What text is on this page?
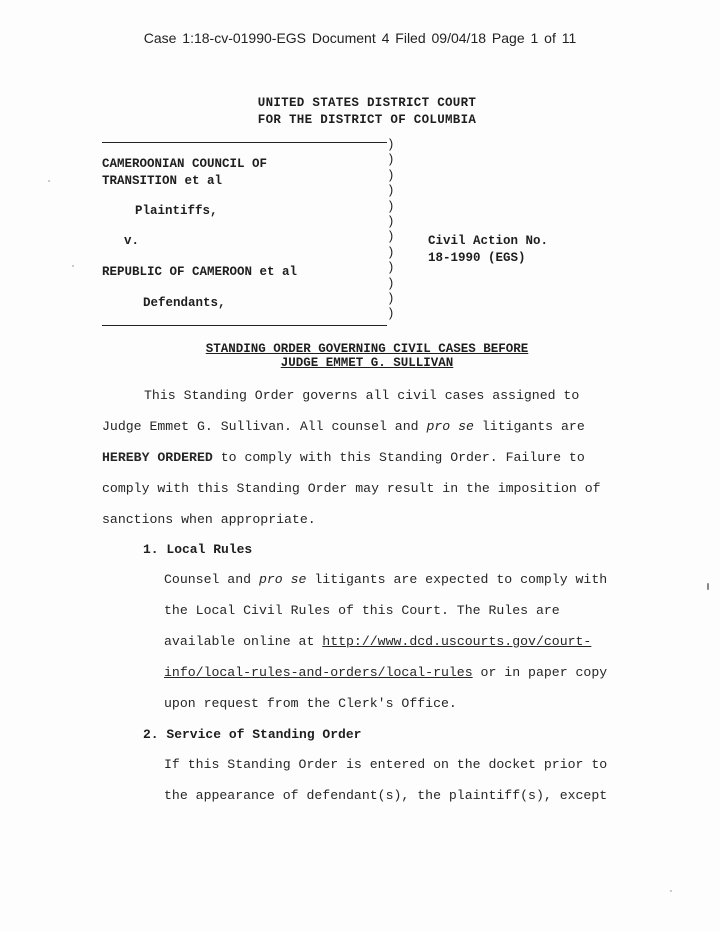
Case 1:18-cv-01990-EGS Document 4 Filed 09/04/18 Page 1 of 11
UNITED STATES DISTRICT COURT
FOR THE DISTRICT OF COLUMBIA
CAMEROONIAN COUNCIL OF
TRANSITION et al
Plaintiffs,
v.
REPUBLIC OF CAMEROON et al
Defendants,
)
)
)
)
)
)
)
)
)
)
)
)
Civil Action No.
18-1990 (EGS)
STANDING ORDER GOVERNING CIVIL CASES BEFORE
JUDGE EMMET G. SULLIVAN
This Standing Order governs all civil cases assigned to
Judge Emmet G. Sullivan. All counsel and pro se litigants are
HEREBY ORDERED to comply with this Standing Order. Failure to
comply with this Standing Order may result in the imposition of
sanctions when appropriate.
1. Local Rules
Counsel and pro se litigants are expected to comply with
the Local Civil Rules of this Court. The Rules are
available online at http://www.dcd.uscourts.gov/court-
info/local-rules-and-orders/local-rules or in paper copy
upon request from the Clerk's Office.
2. Service of Standing Order
If this Standing Order is entered on the docket prior to
the appearance of defendant(s), the plaintiff(s), except
